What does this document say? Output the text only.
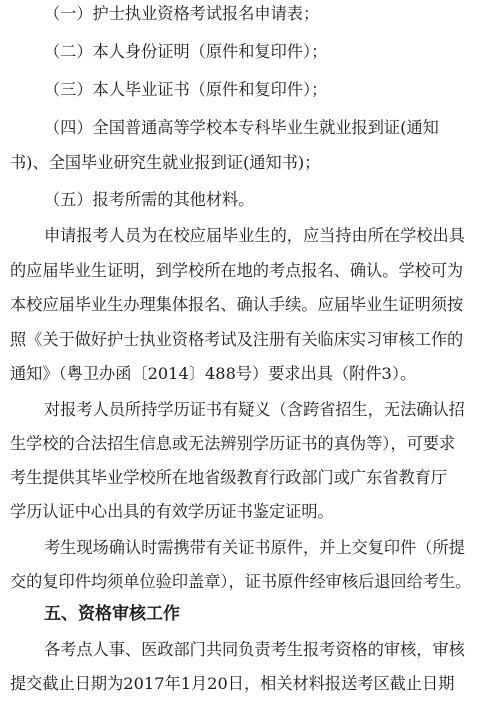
（一）护士执业资格考试报名申请表；
（二）本人身份证明（原件和复印件）；
（三）本人毕业证书（原件和复印件）；
（四）全国普通高等学校本专科毕业生就业报到证(通知
书)、全国毕业研究生就业报到证(通知书)；
（五）报考所需的其他材料。
申请报考人员为在校应届毕业生的，应当持由所在学校出具
的应届毕业生证明，到学校所在地的考点报名、确认。学校可为
本校应届毕业生办理集体报名、确认手续。应届毕业生证明须按
照《关于做好护士执业资格考试及注册有关临床实习审核工作的
通知》（粤卫办函〔2014〕488号）要求出具（附件3）。
对报考人员所持学历证书有疑义（含跨省招生，无法确认招
生学校的合法招生信息或无法辨别学历证书的真伪等），可要求
考生提供其毕业学校所在地省级教育行政部门或广东省教育厅
学历认证中心出具的有效学历证书鉴定证明。
考生现场确认时需携带有关证书原件，并上交复印件（所提
交的复印件均须单位验印盖章），证书原件经审核后退回给考生。
五、资格审核工作
各考点人事、医政部门共同负责考生报考资格的审核，审核
提交截止日期为2017年1月20日，相关材料报送考区截止日期
